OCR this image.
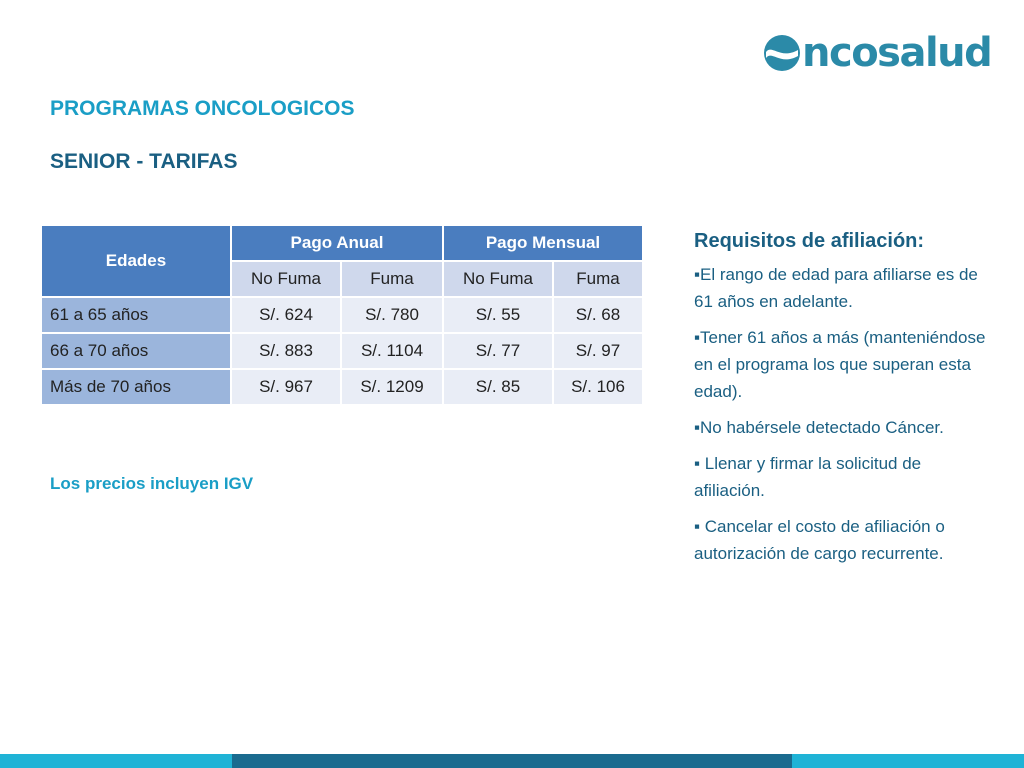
ncosalud
PROGRAMAS ONCOLOGICOS
SENIOR - TARIFAS
Edades	Pago Anual		Pago Mensual	
	No Fuma	Fuma	No Fuma	Fuma
61 a 65 años	S/. 624	S/. 780	S/. 55	S/. 68
66 a 70 años	S/. 883	S/. 1104	S/. 77	S/. 97
Más de 70 años	S/. 967	S/. 1209	S/. 85	S/. 106
Los precios incluyen IGV
Requisitos de afiliación:
▪El rango de edad para afiliarse es de 61 años en adelante.
▪Tener 61 años a más (manteniéndose en el programa los que superan esta edad).
▪No habérsele detectado Cáncer.
▪ Llenar y firmar la solicitud de afiliación.
▪ Cancelar el costo de afiliación o autorización de cargo recurrente.
